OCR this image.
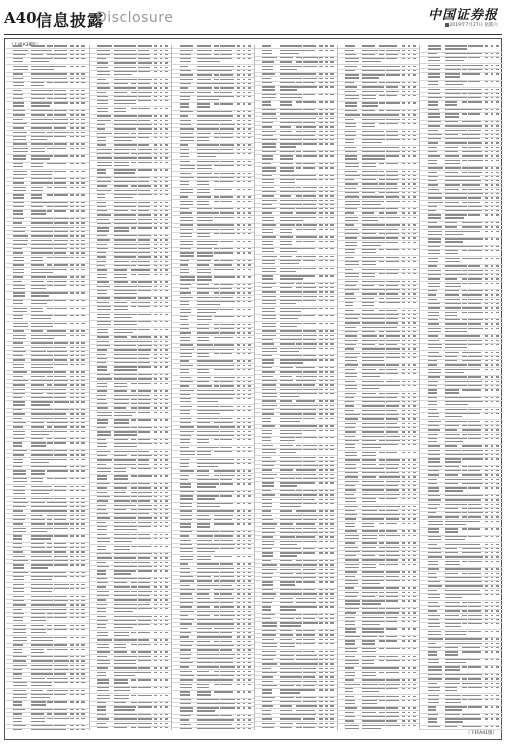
A40 信息披露
Disclosure	中国证券报
2019年7月27日 星期六
（上接A39版）
（下转A41版）
